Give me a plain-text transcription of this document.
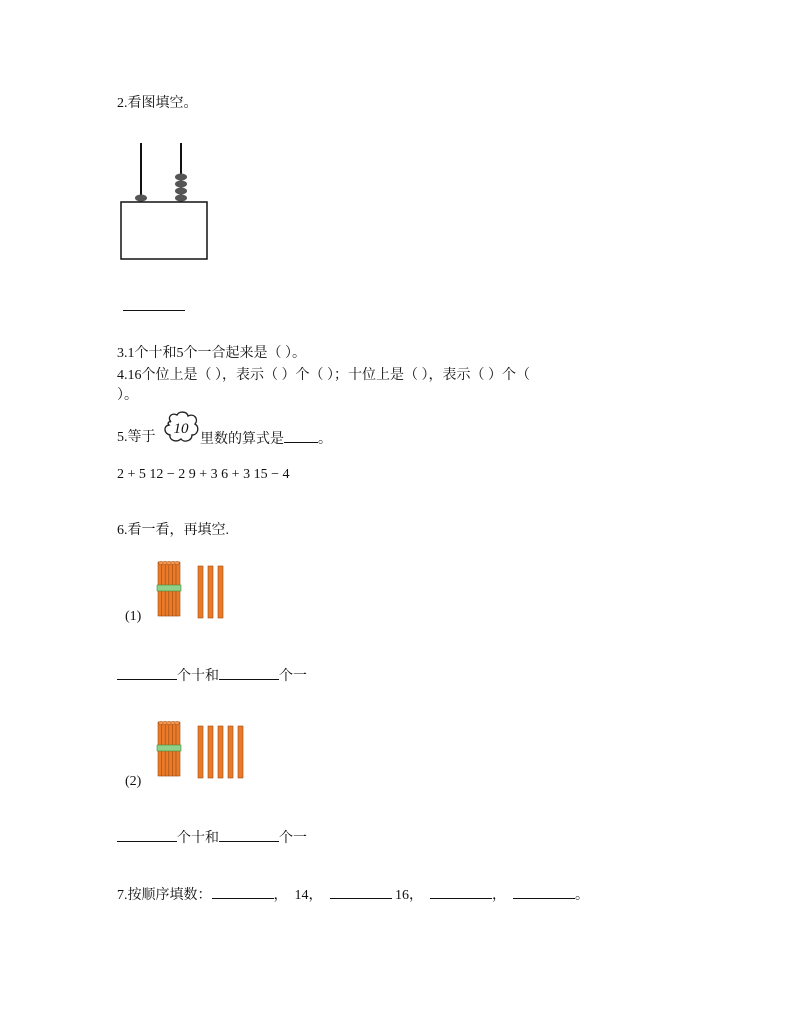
2.看图填空。
3.1个十和5个一合起来是（ ）。
4.16个位上是（ ），表示（ ）个（ ）；十位上是（ ），表示（ ）个（
）。
5.等于
10
里数的算式是 。
2 + 5 12 − 2 9 + 3 6 + 3 15 − 4
6.看一看，再填空.
(1)
个十和	个一
(2)
个十和	个一
7.按顺序填数：	， 14，	16，	，	。
